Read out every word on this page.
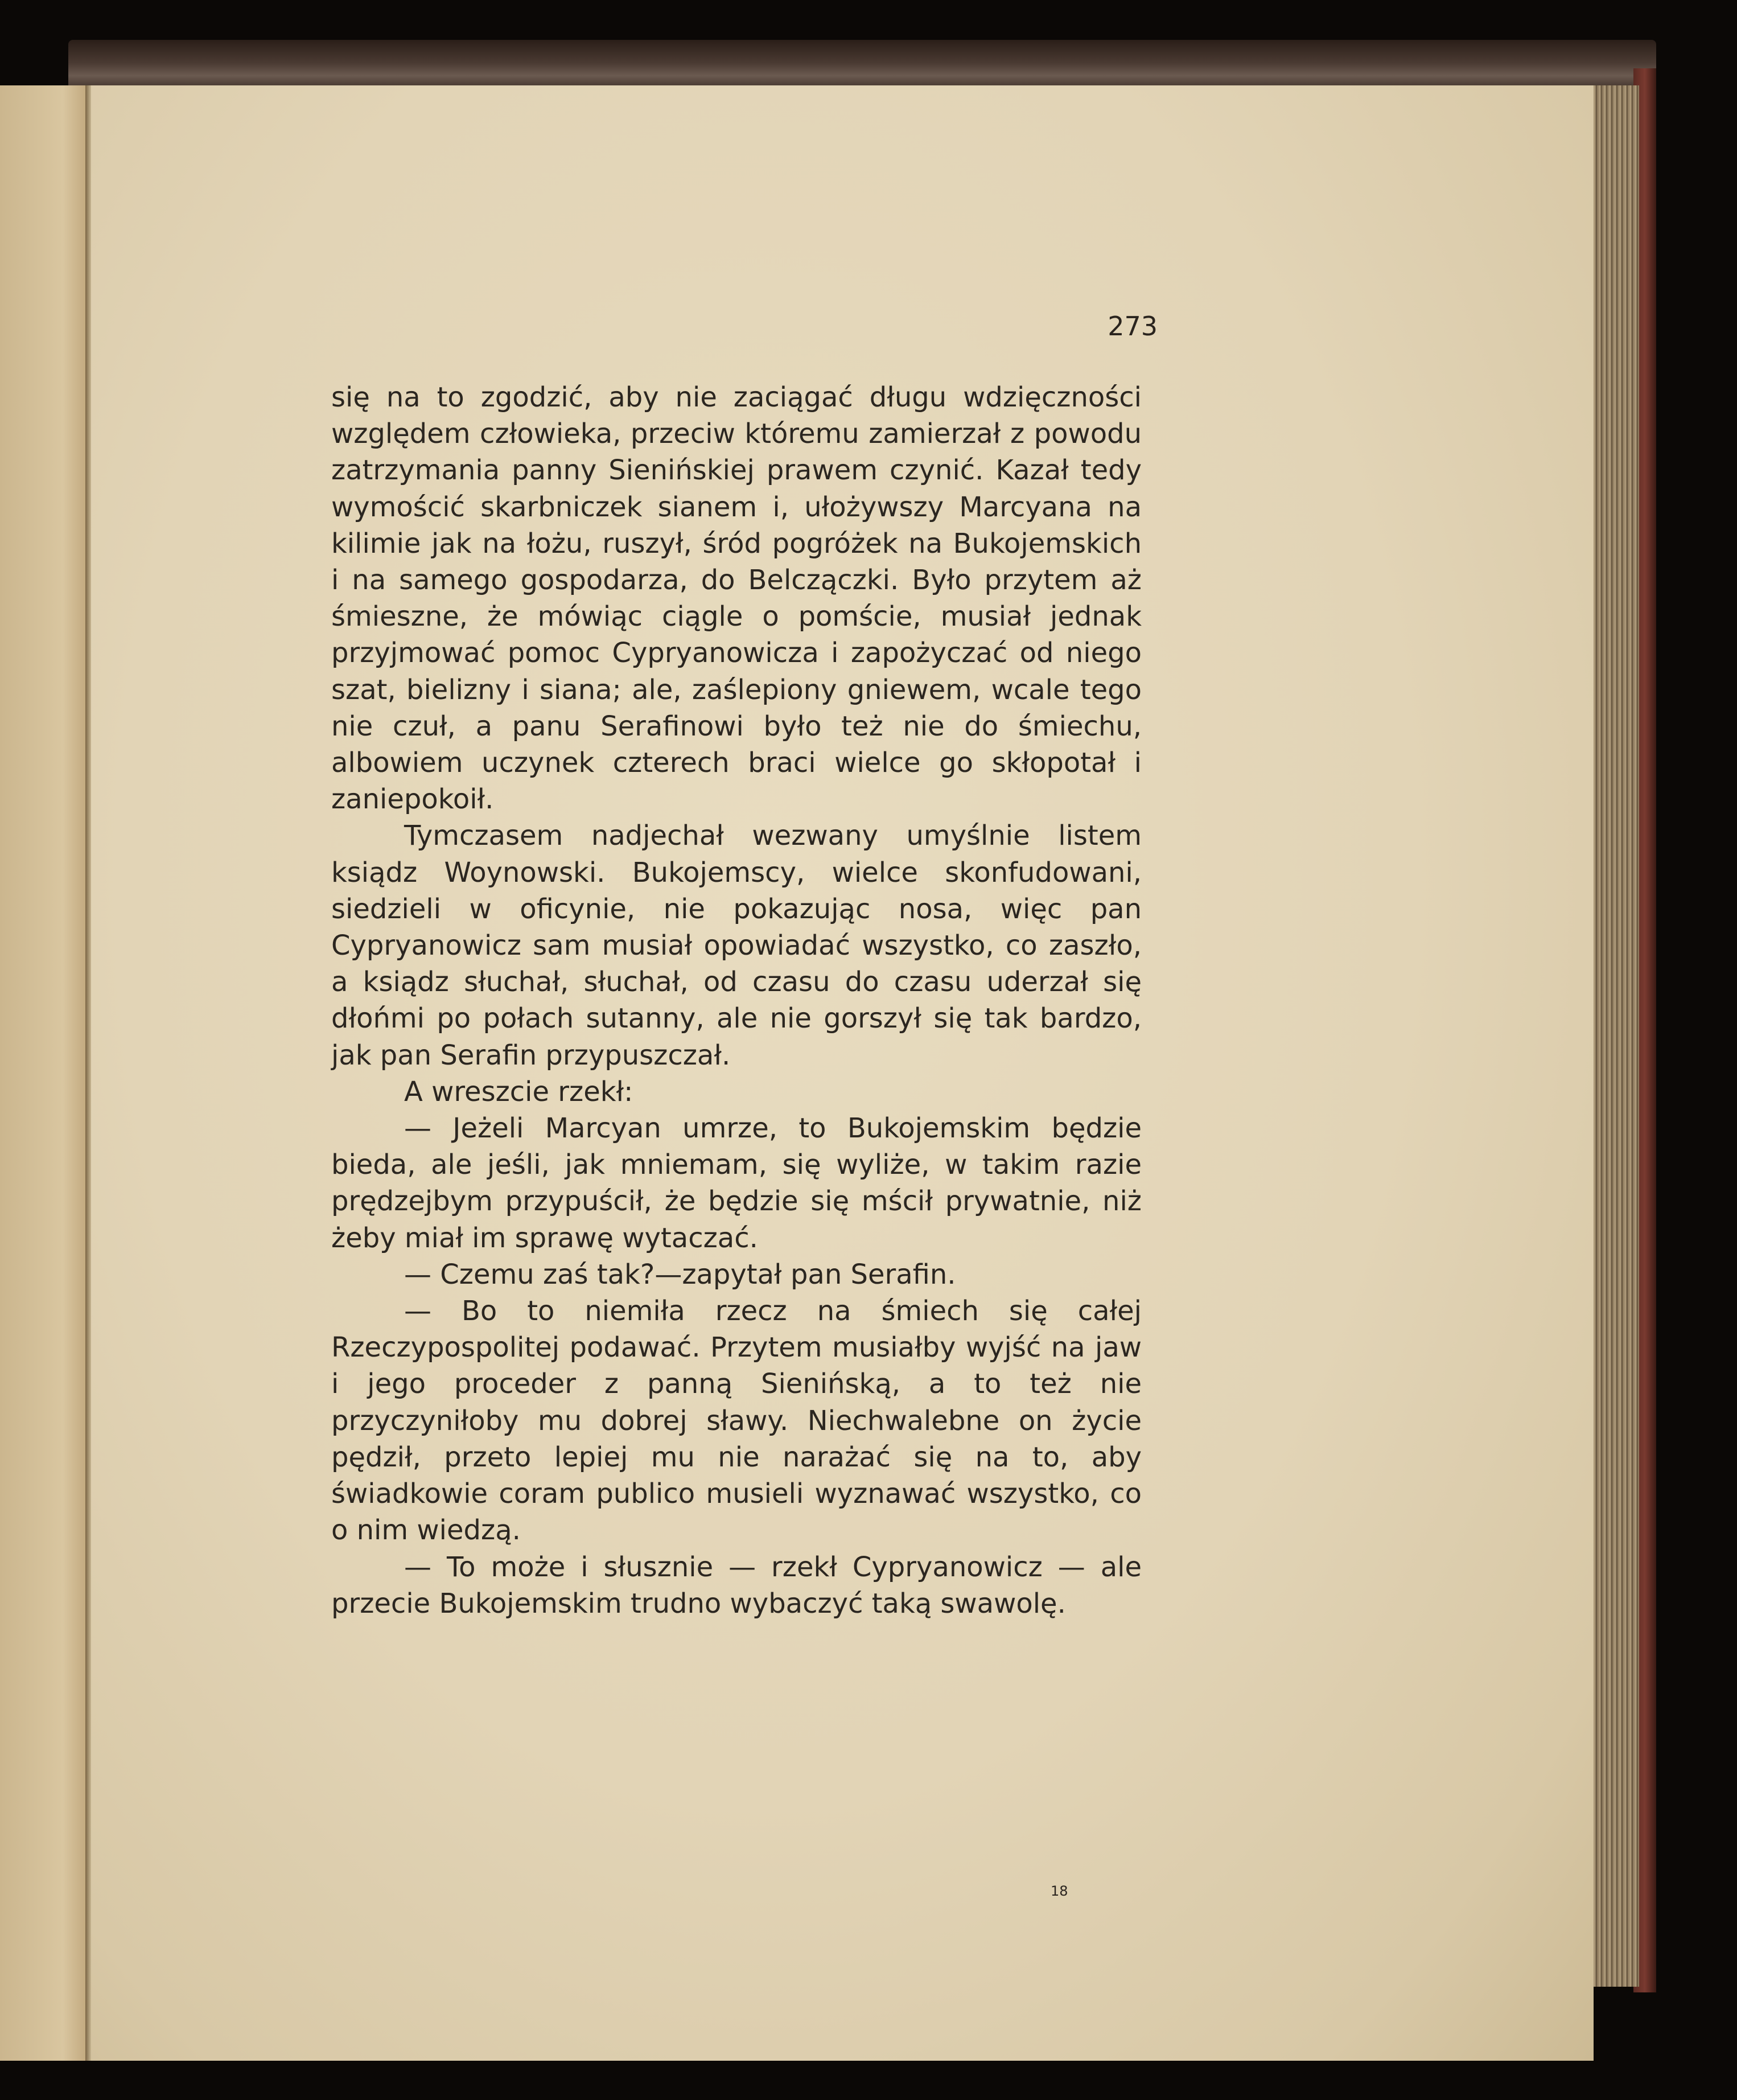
273

się na to zgodzić, aby nie zaciągać długu wdzięczności względem człowieka, przeciw któremu zamierzał z powodu zatrzymania panny Sienińskiej prawem czynić. Kazał tedy wymościć skarbniczek sianem i, ułożywszy Marcyana na kilimie jak na łożu, ruszył, śród pogróżek na Bukojemskich i na samego gospodarza, do Belczączki. Było przytem aż śmieszne, że mówiąc ciągle o pomście, musiał jednak przyjmować pomoc Cypryanowicza i zapożyczać od niego szat, bielizny i siana; ale, zaślepiony gniewem, wcale tego nie czuł, a panu Serafinowi było też nie do śmiechu, albowiem uczynek czterech braci wielce go skłopotał i zaniepokoił.

Tymczasem nadjechał wezwany umyślnie listem ksiądz Woynowski. Bukojemscy, wielce skonfudowani, siedzieli w oficynie, nie pokazując nosa, więc pan Cypryanowicz sam musiał opowiadać wszystko, co zaszło, a ksiądz słuchał, słuchał, od czasu do czasu uderzał się dłońmi po połach sutanny, ale nie gorszył się tak bardzo, jak pan Serafin przypuszczał.

A wreszcie rzekł:

— Jeżeli Marcyan umrze, to Bukojemskim będzie bieda, ale jeśli, jak mniemam, się wyliże, w takim razie prędzejbym przypuścił, że będzie się mścił prywatnie, niż żeby miał im sprawę wytaczać.

— Czemu zaś tak?—zapytał pan Serafin.

— Bo to niemiła rzecz na śmiech się całej Rzeczypospolitej podawać. Przytem musiałby wyjść na jaw i jego proceder z panną Sienińską, a to też nie przyczyniłoby mu dobrej sławy. Niechwalebne on życie pędził, przeto lepiej mu nie narażać się na to, aby świadkowie coram publico musieli wyznawać wszystko, co o nim wiedzą.

— To może i słusznie — rzekł Cypryanowicz — ale przecie Bukojemskim trudno wybaczyć taką swawolę.

18
